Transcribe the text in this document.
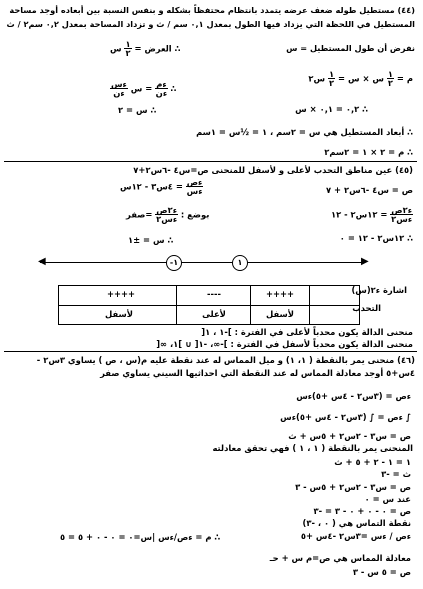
(٤٤) مستطيل طوله ضعف عرضه يتمدد بانتظام محتفظاً بشكله و بنفس النسبة بين أبعاده أوجد مساحة
المستطيل في اللحظة التي يزداد فيها الطول بمعدل ٠,١ سم / ث و تزداد المساحة بمعدل ٠,٢ سم٢ / ث
نفرض أن طول المستطيل = س
∴ العرض =
$\frac{١}{٢}$
س
م =
$\frac{١}{٢}$
س × س =
$\frac{١}{٢}$
س٢
∴
$\frac{\text{ءم}}{\text{ءن}}$
= س
$\frac{\text{ءس}}{\text{ءن}}$
∴ ٠,٢ = ٠,١ × س
∴ س = ٢
∴ أبعاد المستطيل هي س = ٢سم ، ١ = ½س = ١سم
∴ م = ٢ × ١ = ٢سم٢
(٤٥) عين مناطق التحدب لأعلى و لأسفل للمنحنى ص=س٤ -٦س٢+٧
ص = س٤ -٦س٢ + ٧
$\frac{\text{ءص}}{\text{ءس}}$
= ٤س٣ - ١٢س
$\frac{\text{ء٢ص}}{\text{ءس٢}}$
= ١٢س٢ - ١٢
بوضع :
$\frac{\text{ء٢ص}}{\text{ءس٢}}$
=صفر
∴ ١٢س٢ - ١٢ = ٠
∴ س = ±١
◀	▶
-١	١
اشارة ء٢(س)
التحدب
++++	----	++++
لأسفل	لأعلى	لأسفل
منحنى الدالة يكون محدباً لأعلى في الفترة : ]-١ ، ١[
منحنى الدالة يكون محدباً لأسفل في الفترة : ]-∞، -١[ ∪ ]١، ∞[
(٤٦) منحنى يمر بالنقطة ( ١، ١) و ميل المماس له عند نقطة عليه م(س ، ص ) يساوي ٣س٢ -
٤س+٥ أوجد معادلة المماس له عند النقطة التي احداثيها السيني يساوي صفر
ءص = (٣س٢ - ٤س +٥)ءس
∫ ءص = ∫ (٣س٢ - ٤س +٥)ءس
ص = س٣ - ٢س٢ + ٥س + ث
المنحنى يمر بالنقطة ( ١ ، ١ ) فهي تحقق معادلته
١ = ١ - ٢ + ٥ + ث
ث = -٣
ص = س٣ - ٢س٢ + ٥س - ٣
عند س = ٠
ص = ٠ - ٠ + ٠ - ٣ = -٣
نقطة التماس هي ( ٠ ، -٣)
ءص / ءس =٣س٢ -٤س +٥
∴ م = ءص/ءس |س=٠ = ٠ - ٠ + ٥ = ٥
معادلة المماس هي ص=م س + حـ
ص = ٥ س - ٣
